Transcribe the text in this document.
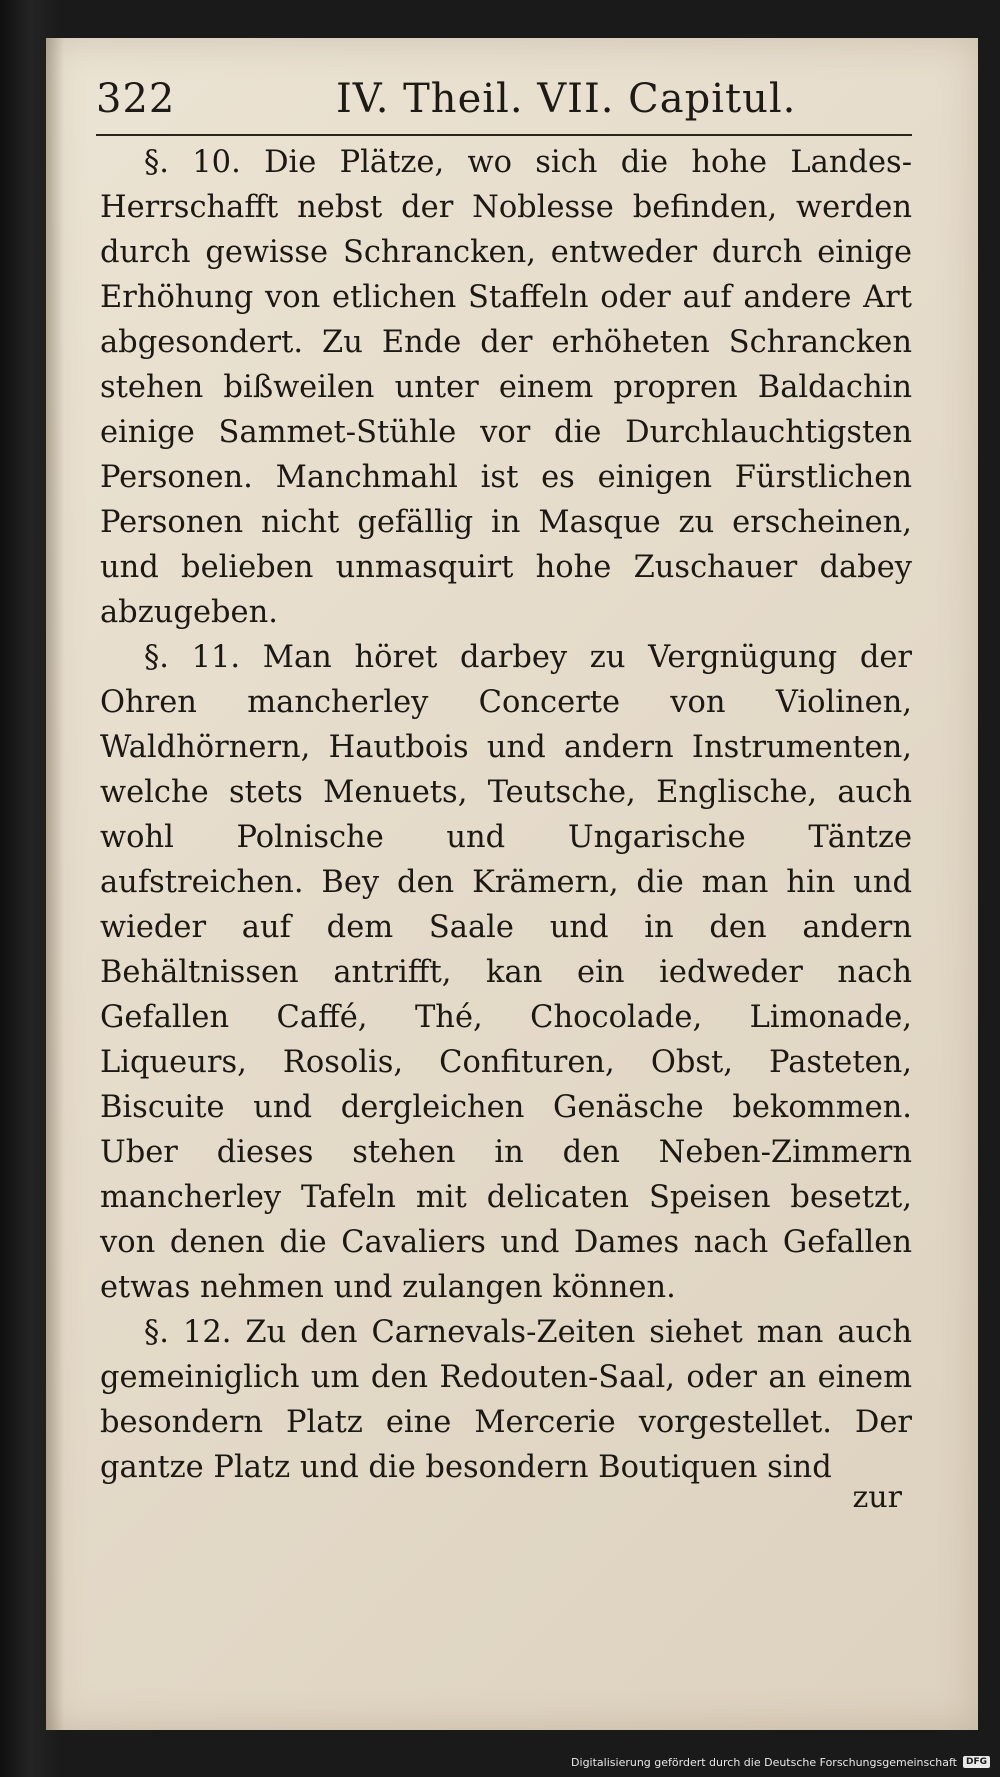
322	IV. Theil. VII. Capitul.

§. 10. Die Plätze, wo sich die hohe Landes-Herrschafft nebst der Noblesse befinden, werden durch gewisse Schrancken, entweder durch einige Erhöhung von etlichen Staffeln oder auf andere Art abgesondert. Zu Ende der erhöheten Schrancken stehen bißweilen unter einem propren Baldachin einige Sammet-Stühle vor die Durchlauchtigsten Personen. Manchmahl ist es einigen Fürstlichen Personen nicht gefällig in Masque zu erscheinen, und belieben unmasquirt hohe Zuschauer dabey abzugeben.

§. 11. Man höret darbey zu Vergnügung der Ohren mancherley Concerte von Violinen, Waldhörnern, Hautbois und andern Instrumenten, welche stets Menuets, Teutsche, Englische, auch wohl Polnische und Ungarische Täntze aufstreichen. Bey den Krämern, die man hin und wieder auf dem Saale und in den andern Behältnissen antrifft, kan ein iedweder nach Gefallen Caffé, Thé, Chocolade, Limonade, Liqueurs, Rosolis, Confituren, Obst, Pasteten, Biscuite und dergleichen Genäsche bekommen. Uber dieses stehen in den Neben-Zimmern mancherley Tafeln mit delicaten Speisen besetzt, von denen die Cavaliers und Dames nach Gefallen etwas nehmen und zulangen können.

§. 12. Zu den Carnevals-Zeiten siehet man auch gemeiniglich um den Redouten-Saal, oder an einem besondern Platz eine Mercerie vorgestellet. Der gantze Platz und die besondern Boutiquen sind

zur
Digitalisierung gefördert durch die Deutsche Forschungsgemeinschaft	DFG
